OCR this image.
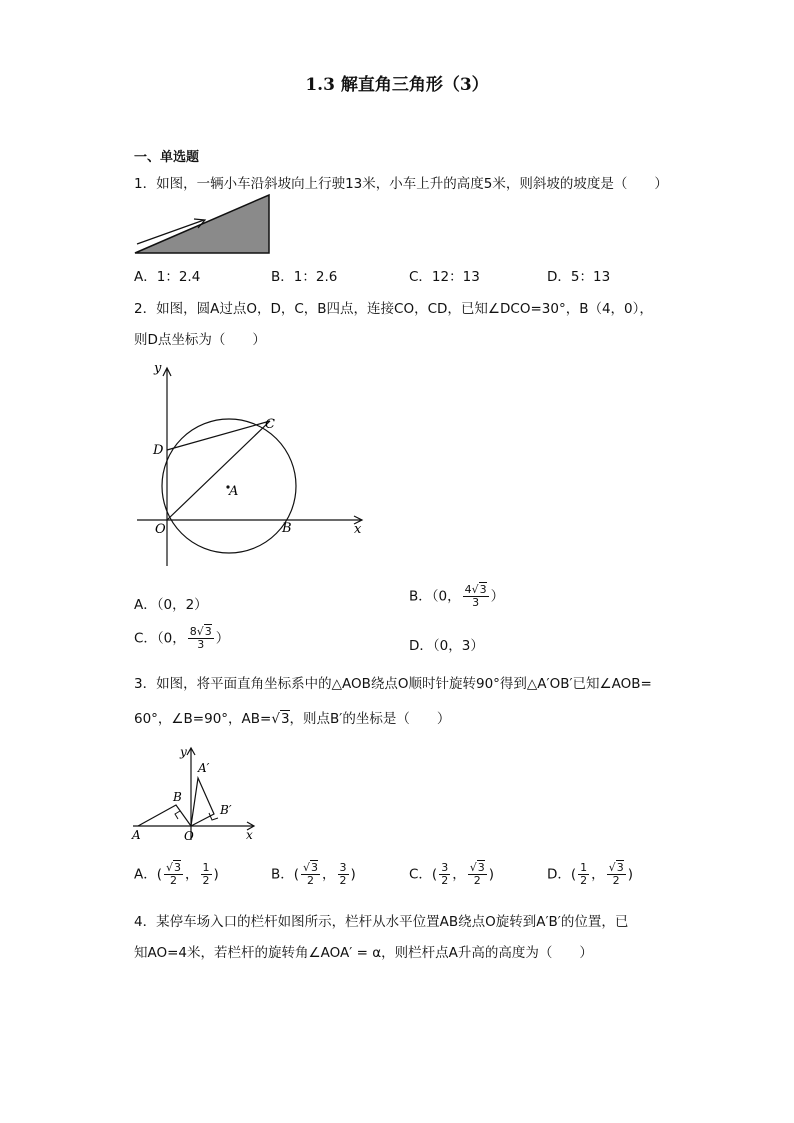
1.3 解直角三角形（3）
一、单选题
1．如图，一辆小车沿斜坡向上行驶13米，小车上升的高度5米，则斜坡的坡度是（　　）
A．1：2.4	B．1：2.6	C．12：13	D．5：13
2．如图，圆A过点O，D，C，B四点，连接CO，CD，已知∠DCO=30°，B（4，0），
则D点坐标为（　　）
y
x
D
C
A
O	B
A．（0，2）
B．（0， $\frac{4√3}{3}$ ）
C．（0， $\frac{8√3}{3}$ ）	D．（0，3）
3．如图，将平面直角坐标系中的△AOB绕点O顺时针旋转90°得到△A′OB′已知∠AOB=
60°，∠B=90°，AB=√3，则点B′的坐标是（　　）
y
x
A′
B
B′
A	O
A．( $\frac{√3}{2}$ ， $\frac{1}{2}$ )	B．( $\frac{√3}{2}$ ， $\frac{3}{2}$ )	C．( $\frac{3}{2}$ ， $\frac{√3}{2}$ )	D．( $\frac{1}{2}$ ， $\frac{√3}{2}$ )
4．某停车场入口的栏杆如图所示，栏杆从水平位置AB绕点O旋转到A′B′的位置，已
知AO=4米，若栏杆的旋转角∠AOA′ = α，则栏杆点A升高的高度为（　　）
